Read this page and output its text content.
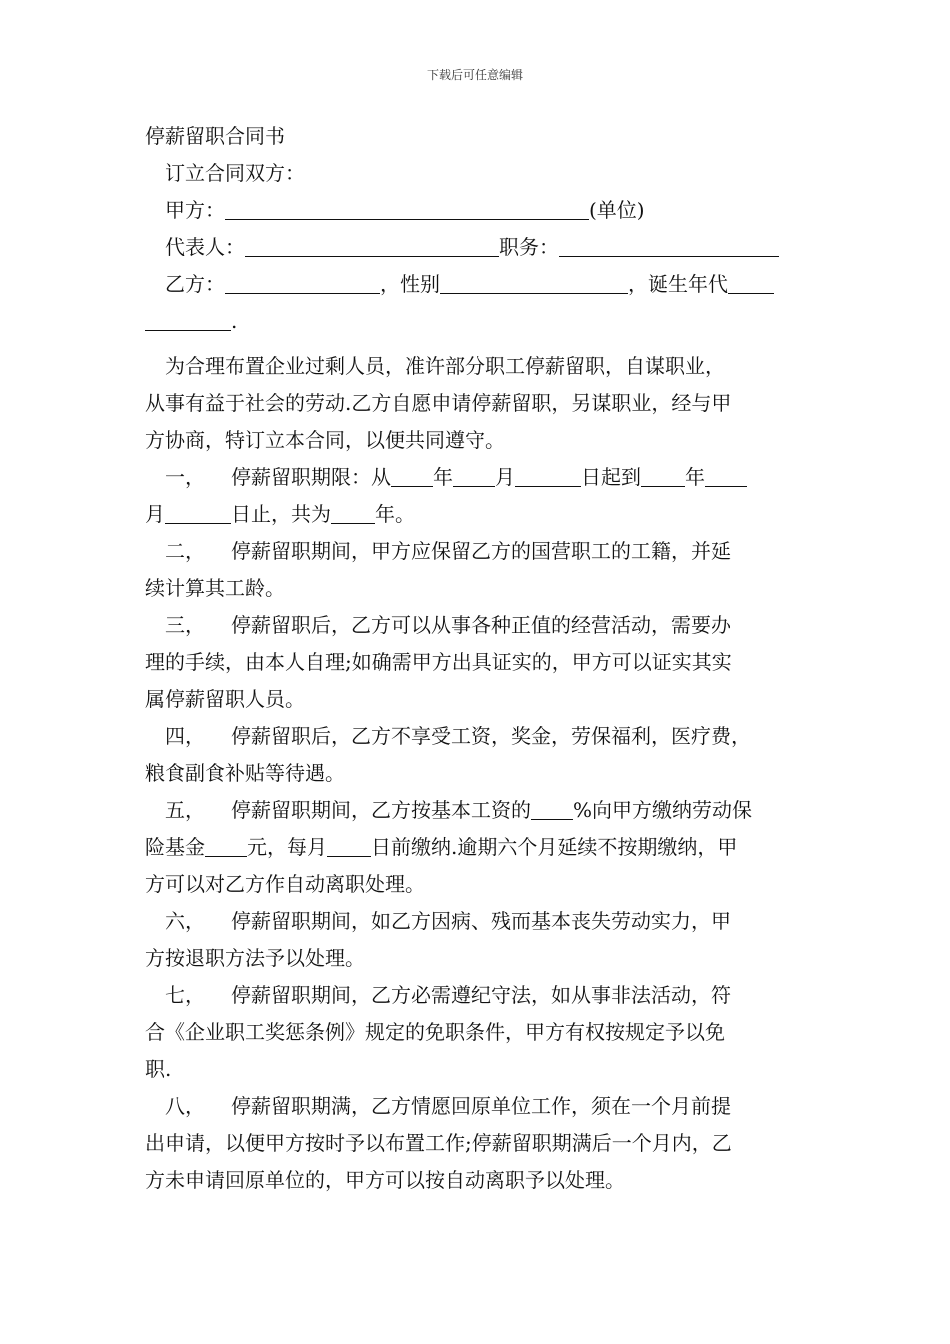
下载后可任意编辑
停薪留职合同书
订立合同双方：
甲方：	(单位)
代表人：	职务：
乙方：	，性别	，诞生年代
.
为合理布置企业过剩人员，准许部分职工停薪留职，自谋职业，
从事有益于社会的劳动.乙方自愿申请停薪留职，另谋职业，经与甲
方协商，特订立本合同，以便共同遵守。
一， 停薪留职期限：从 年 月	日起到 年
月	日止，共为 年。
二， 停薪留职期间，甲方应保留乙方的国营职工的工籍，并延
续计算其工龄。
三， 停薪留职后，乙方可以从事各种正值的经营活动，需要办
理的手续，由本人自理;如确需甲方出具证实的，甲方可以证实其实
属停薪留职人员。
四， 停薪留职后，乙方不享受工资，奖金，劳保福利，医疗费，
粮食副食补贴等待遇。
五， 停薪留职期间，乙方按基本工资的 %向甲方缴纳劳动保
险基金 元，每月 日前缴纳.逾期六个月延续不按期缴纳，甲
方可以对乙方作自动离职处理。
六， 停薪留职期间，如乙方因病、残而基本丧失劳动实力，甲
方按退职方法予以处理。
七， 停薪留职期间，乙方必需遵纪守法，如从事非法活动，符
合《企业职工奖惩条例》规定的免职条件，甲方有权按规定予以免
职.
八， 停薪留职期满，乙方情愿回原单位工作，须在一个月前提
出申请，以便甲方按时予以布置工作;停薪留职期满后一个月内，乙
方未申请回原单位的，甲方可以按自动离职予以处理。
